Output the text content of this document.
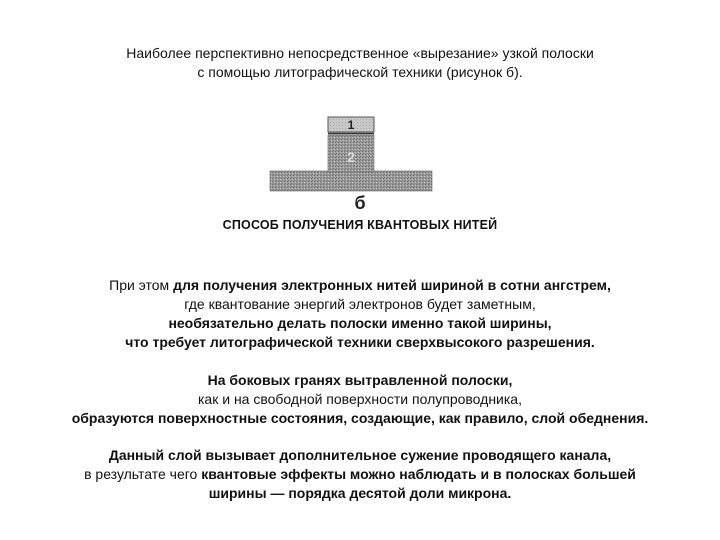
Наиболее перспективно непосредственное «вырезание» узкой полоски
с помощью литографической техники (рисунок б).
1
2
б
СПОСОБ ПОЛУЧЕНИЯ КВАНТОВЫХ НИТЕЙ
При этом для получения электронных нитей шириной в сотни ангстрем,
где квантование энергий электронов будет заметным,
необязательно делать полоски именно такой ширины,
что требует литографической техники сверхвысокого разрешения.
На боковых гранях вытравленной полоски,
как и на свободной поверхности полупроводника,
образуются поверхностные состояния, создающие, как правило, слой обеднения.
Данный слой вызывает дополнительное сужение проводящего канала,
в результате чего квантовые эффекты можно наблюдать и в полосках большей
ширины — порядка десятой доли микрона.
